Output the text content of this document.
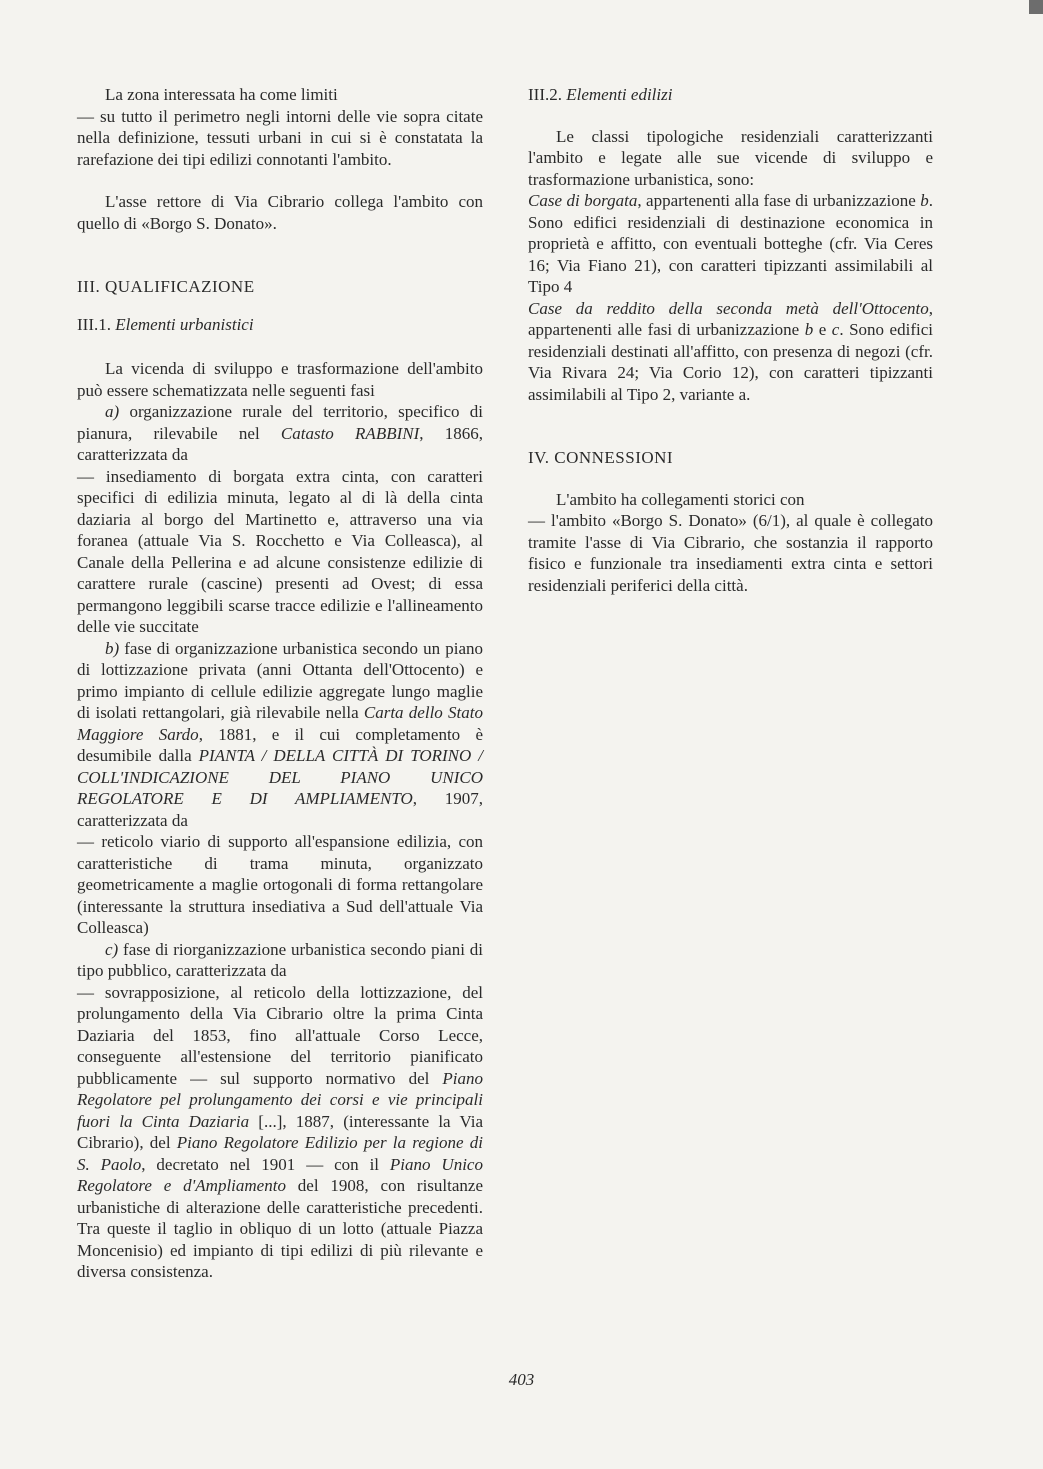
La zona interessata ha come limiti

— su tutto il perimetro negli intorni delle vie sopra citate nella definizione, tessuti urbani in cui si è constatata la rarefazione dei tipi edilizi connotanti l'ambito.

L'asse rettore di Via Cibrario collega l'ambito con quello di «Borgo S. Donato».

III. QUALIFICAZIONE

III.1. Elementi urbanistici

La vicenda di sviluppo e trasformazione dell'ambito può essere schematizzata nelle seguenti fasi

a) organizzazione rurale del territorio, specifico di pianura, rilevabile nel Catasto RABBINI, 1866, caratterizzata da

— insediamento di borgata extra cinta, con caratteri specifici di edilizia minuta, legato al di là della cinta daziaria al borgo del Martinetto e, attraverso una via foranea (attuale Via S. Rocchetto e Via Colleasca), al Canale della Pellerina e ad alcune consistenze edilizie di carattere rurale (cascine) presenti ad Ovest; di essa permangono leggibili scarse tracce edilizie e l'allineamento delle vie succitate

b) fase di organizzazione urbanistica secondo un piano di lottizzazione privata (anni Ottanta dell'Ottocento) e primo impianto di cellule edilizie aggregate lungo maglie di isolati rettangolari, già rilevabile nella Carta dello Stato Maggiore Sardo, 1881, e il cui completamento è desumibile dalla PIANTA / DELLA CITTÀ DI TORINO / COLL'INDICAZIONE DEL PIANO UNICO REGOLATORE E DI AMPLIAMENTO, 1907, caratterizzata da

— reticolo viario di supporto all'espansione edilizia, con caratteristiche di trama minuta, organizzato geometricamente a maglie ortogonali di forma rettangolare (interessante la struttura insediativa a Sud dell'attuale Via Colleasca)

c) fase di riorganizzazione urbanistica secondo piani di tipo pubblico, caratterizzata da

— sovrapposizione, al reticolo della lottizzazione, del prolungamento della Via Cibrario oltre la prima Cinta Daziaria del 1853, fino all'attuale Corso Lecce, conseguente all'estensione del territorio pianificato pubblicamente — sul supporto normativo del Piano Regolatore pel prolungamento dei corsi e vie principali fuori la Cinta Daziaria [...], 1887, (interessante la Via Cibrario), del Piano Regolatore Edilizio per la regione di S. Paolo, decretato nel 1901 — con il Piano Unico Regolatore e d'Ampliamento del 1908, con risultanze urbanistiche di alterazione delle caratteristiche precedenti. Tra queste il taglio in obliquo di un lotto (attuale Piazza Moncenisio) ed impianto di tipi edilizi di più rilevante e diversa consistenza.

III.2. Elementi edilizi

Le classi tipologiche residenziali caratterizzanti l'ambito e legate alle sue vicende di sviluppo e trasformazione urbanistica, sono:

Case di borgata, appartenenti alla fase di urbanizzazione b. Sono edifici residenziali di destinazione economica in proprietà e affitto, con eventuali botteghe (cfr. Via Ceres 16; Via Fiano 21), con caratteri tipizzanti assimilabili al Tipo 4

Case da reddito della seconda metà dell'Ottocento, appartenenti alle fasi di urbanizzazione b e c. Sono edifici residenziali destinati all'affitto, con presenza di negozi (cfr. Via Rivara 24; Via Corio 12), con caratteri tipizzanti assimilabili al Tipo 2, variante a.

IV. CONNESSIONI

L'ambito ha collegamenti storici con

— l'ambito «Borgo S. Donato» (6/1), al quale è collegato tramite l'asse di Via Cibrario, che sostanzia il rapporto fisico e funzionale tra insediamenti extra cinta e settori residenziali periferici della città.

403
